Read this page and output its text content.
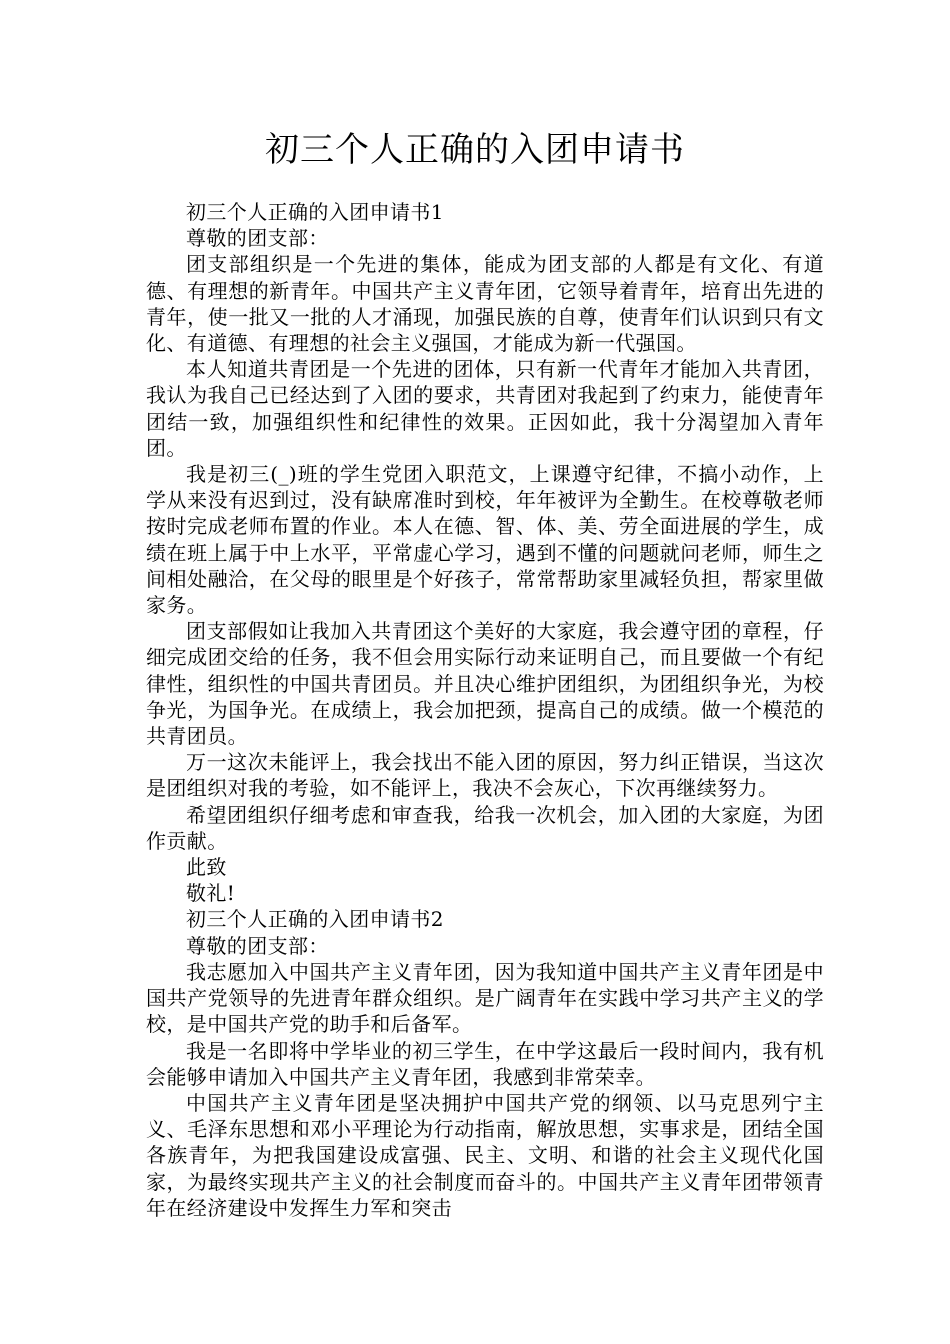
初三个人正确的入团申请书

初三个人正确的入团申请书1

尊敬的团支部：

团支部组织是一个先进的集体，能成为团支部的人都是有文化、有道德、有理想的新青年。中国共产主义青年团，它领导着青年，培育出先进的青年，使一批又一批的人才涌现，加强民族的自尊，使青年们认识到只有文化、有道德、有理想的社会主义强国，才能成为新一代强国。

本人知道共青团是一个先进的团体，只有新一代青年才能加入共青团，我认为我自己已经达到了入团的要求，共青团对我起到了约束力，能使青年团结一致，加强组织性和纪律性的效果。正因如此，我十分渴望加入青年团。

我是初三(_)班的学生党团入职范文，上课遵守纪律，不搞小动作，上学从来没有迟到过，没有缺席准时到校，年年被评为全勤生。在校尊敬老师按时完成老师布置的作业。本人在德、智、体、美、劳全面进展的学生，成绩在班上属于中上水平，平常虚心学习，遇到不懂的问题就问老师，师生之间相处融洽，在父母的眼里是个好孩子，常常帮助家里减轻负担，帮家里做家务。

团支部假如让我加入共青团这个美好的大家庭，我会遵守团的章程，仔细完成团交给的任务，我不但会用实际行动来证明自己，而且要做一个有纪律性，组织性的中国共青团员。并且决心维护团组织，为团组织争光，为校争光，为国争光。在成绩上，我会加把颈，提高自己的成绩。做一个模范的共青团员。

万一这次未能评上，我会找出不能入团的原因，努力纠正错误，当这次是团组织对我的考验，如不能评上，我决不会灰心，下次再继续努力。

希望团组织仔细考虑和审查我，给我一次机会，加入团的大家庭，为团作贡献。

此致

敬礼!

初三个人正确的入团申请书2

尊敬的团支部：

我志愿加入中国共产主义青年团，因为我知道中国共产主义青年团是中国共产党领导的先进青年群众组织。是广阔青年在实践中学习共产主义的学校，是中国共产党的助手和后备军。

我是一名即将中学毕业的初三学生，在中学这最后一段时间内，我有机会能够申请加入中国共产主义青年团，我感到非常荣幸。

中国共产主义青年团是坚决拥护中国共产党的纲领、以马克思列宁主义、毛泽东思想和邓小平理论为行动指南，解放思想，实事求是，团结全国各族青年，为把我国建设成富强、民主、文明、和谐的社会主义现代化国家，为最终实现共产主义的社会制度而奋斗的。中国共产主义青年团带领青年在经济建设中发挥生力军和突击
